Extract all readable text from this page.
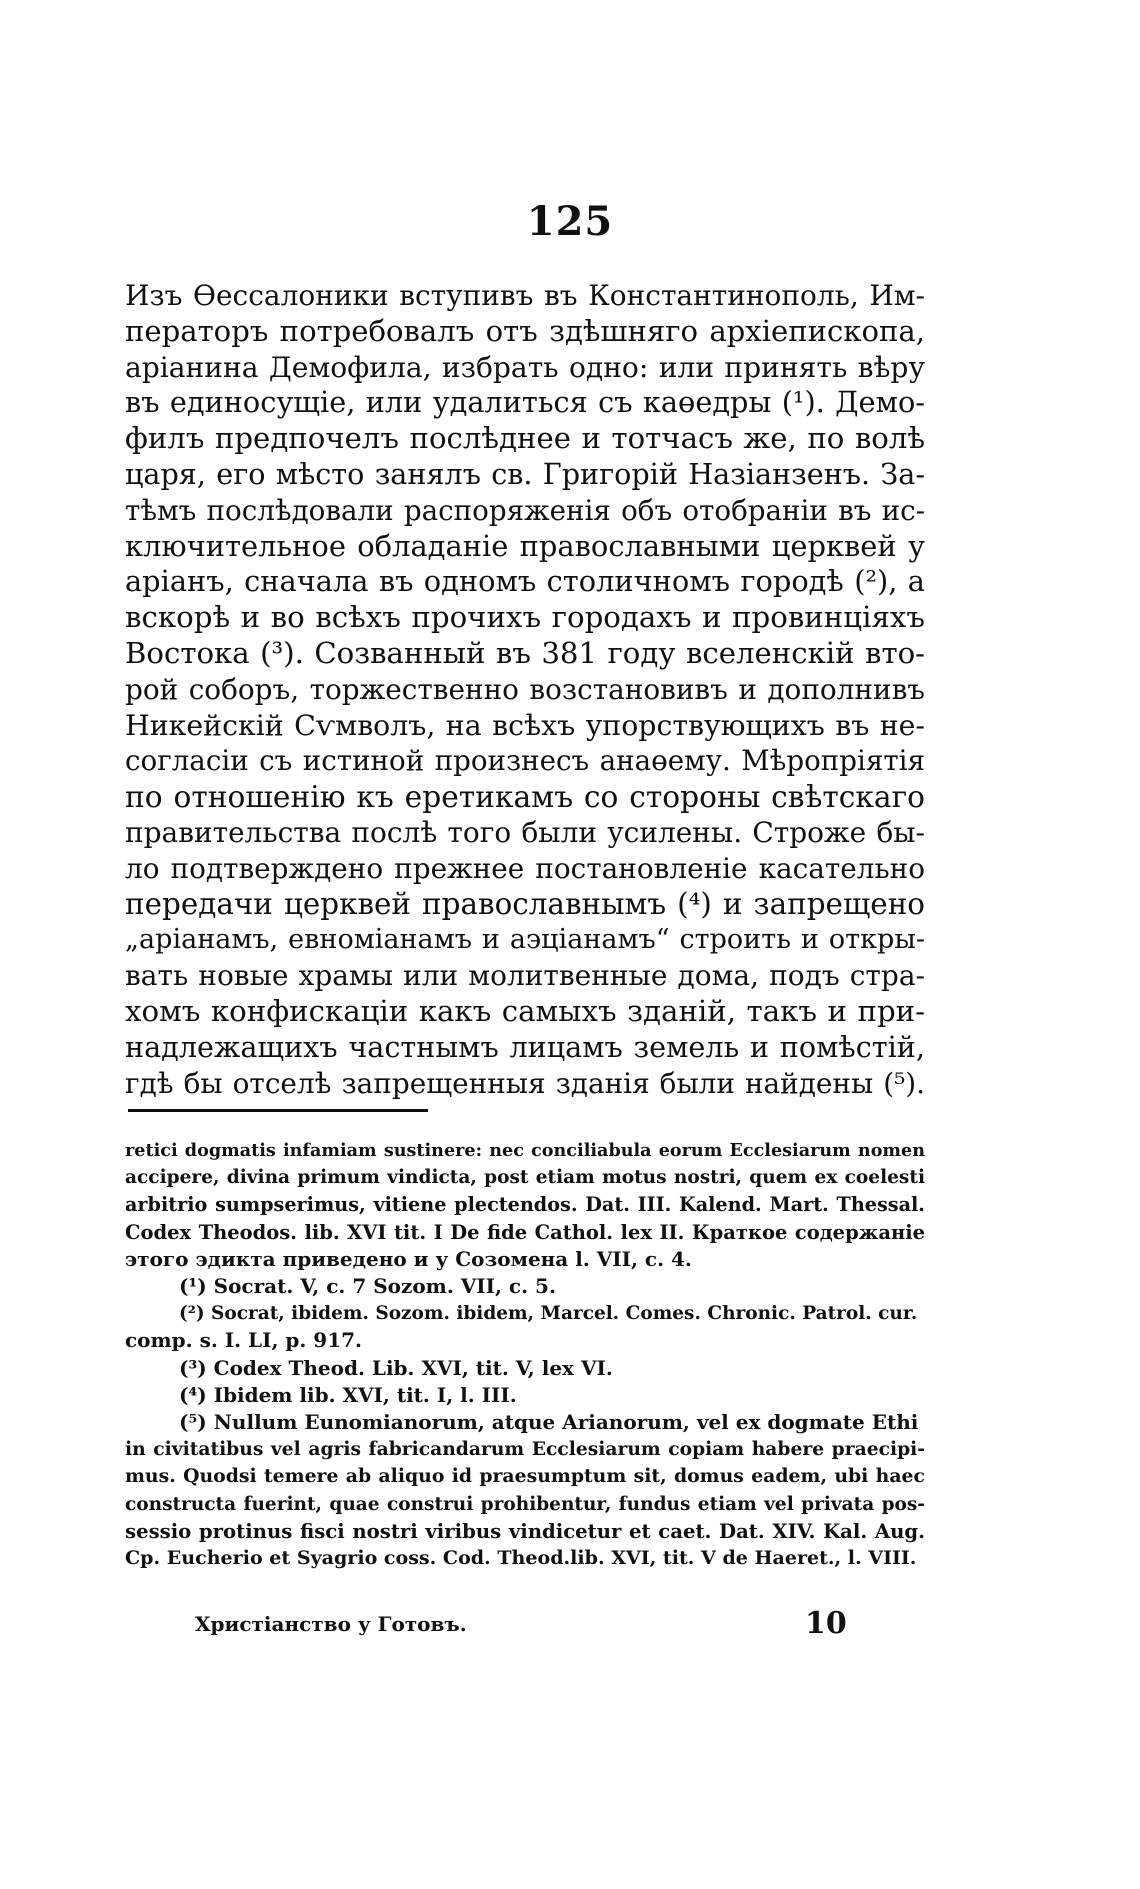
125
Изъ Өессалоники вступивъ въ Константинополь, Им-
ператоръ потребовалъ отъ здѣшняго архіепископа,
аріанина Демофила, избрать одно: или принять вѣру
въ единосущіе, или удалиться съ каөедры (¹). Демо-
филъ предпочелъ послѣднее и тотчасъ же, по волѣ
царя, его мѣсто занялъ св. Григорій Назіанзенъ. За-
тѣмъ послѣдовали распоряженія объ отобраніи въ ис-
ключительное обладаніе православными церквей у
аріанъ, сначала въ одномъ столичномъ городѣ (²), а
вскорѣ и во всѣхъ прочихъ городахъ и провинціяхъ
Востока (³). Созванный въ 381 году вселенскій вто-
рой соборъ, торжественно возстановивъ и дополнивъ
Никейскій Сѵмволъ, на всѣхъ упорствующихъ въ не-
согласіи съ истиной произнесъ анаөему. Мѣропріятія
по отношенію къ еретикамъ со стороны свѣтскаго
правительства послѣ того были усилены. Строже бы-
ло подтверждено прежнее постановленіе касательно
передачи церквей православнымъ (⁴) и запрещено
„аріанамъ, евноміанамъ и аэціанамъ“ строить и откры-
вать новые храмы или молитвенные дома, подъ стра-
хомъ конфискаціи какъ самыхъ зданій, такъ и при-
надлежащихъ частнымъ лицамъ земель и помѣстій,
гдѣ бы отселѣ запрещенныя зданія были найдены (⁵).
retici dogmatis infamiam sustinere: nec conciliabula eorum Ecclesiarum nomen
accipere, divina primum vindicta, post etiam motus nostri, quem ex coelesti
arbitrio sumpserimus, vitiene plectendos. Dat. III. Kalend. Mart. Thessal.
Codex Theodos. lib. XVI tit. I De fide Cathol. lex II. Краткое содержаніе
этого эдикта приведено и у Созомена l. VII, с. 4.
(¹) Socrat. V, c. 7 Sozom. VII, c. 5.
(²) Socrat, ibidem. Sozom. ibidem, Marcel. Comes. Chronic. Patrol. cur.
comp. s. I. LI, p. 917.
(³) Codex Theod. Lib. XVI, tit. V, lex VI.
(⁴) Ibidem lib. XVI, tit. I, l. III.
(⁵) Nullum Eunomianorum, atque Arianorum, vel ex dogmate Ethi
in civitatibus vel agris fabricandarum Ecclesiarum copiam habere praecipi-
mus. Quodsi temere ab aliquo id praesumptum sit, domus eadem, ubi haec
constructa fuerint, quae construi prohibentur, fundus etiam vel privata pos-
sessio protinus fisci nostri viribus vindicetur et caet. Dat. XIV. Kal. Aug.
Cp. Eucherio et Syagrio coss. Cod. Theod.lib. XVI, tit. V de Haeret., l. VIII.
Христіанство у Готовъ.	10
